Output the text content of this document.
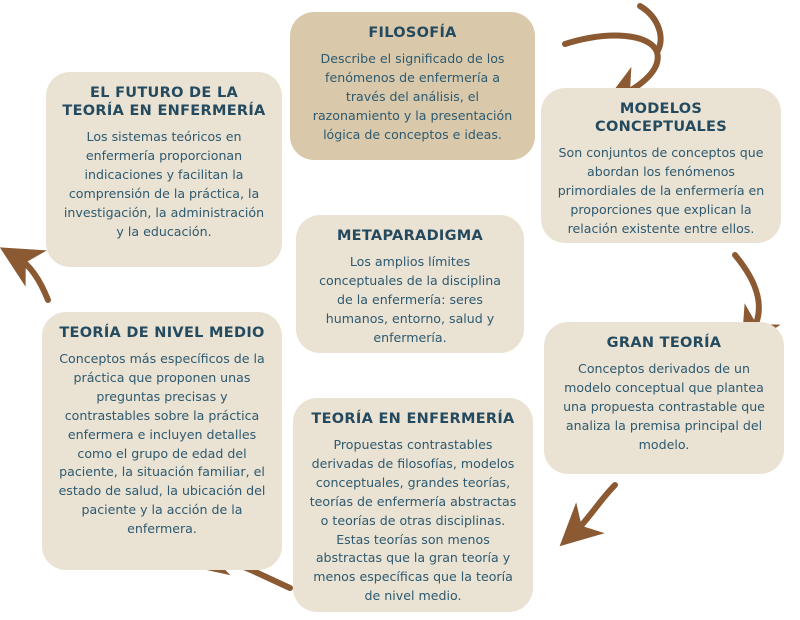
FILOSOFÍA
Describe el significado de los fenómenos de enfermería a través del análisis, el razonamiento y la presentación lógica de conceptos e ideas.
MODELOS CONCEPTUALES
Son conjuntos de conceptos que abordan los fenómenos primordiales de la enfermería en proporciones que explican la relación existente entre ellos.
GRAN TEORÍA
Conceptos derivados de un modelo conceptual que plantea una propuesta contrastable que analiza la premisa principal del modelo.
TEORÍA EN ENFERMERÍA
Propuestas contrastables derivadas de filosofías, modelos conceptuales, grandes teorías, teorías de enfermería abstractas o teorías de otras disciplinas. Estas teorías son menos abstractas que la gran teoría y menos específicas que la teoría de nivel medio.
TEORÍA DE NIVEL MEDIO
Conceptos más específicos de la práctica que proponen unas preguntas precisas y contrastables sobre la práctica enfermera e incluyen detalles como el grupo de edad del paciente, la situación familiar, el estado de salud, la ubicación del paciente y la acción de la enfermera.
EL FUTURO DE LA TEORÍA EN ENFERMERÍA
Los sistemas teóricos en enfermería proporcionan indicaciones y facilitan la comprensión de la práctica, la investigación, la administración y la educación.	METAPARADIGMA
Los amplios límites conceptuales de la disciplina de la enfermería: seres humanos, entorno, salud y enfermería.
